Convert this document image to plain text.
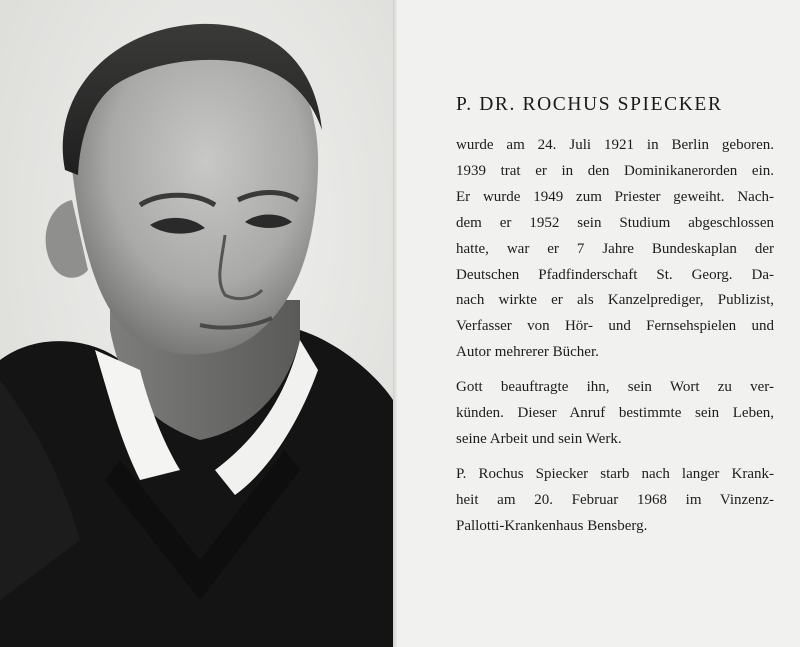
P. DR. ROCHUS SPIECKER

wurde am 24. Juli 1921 in Berlin geboren.
1939 trat er in den Dominikanerorden ein.
Er wurde 1949 zum Priester geweiht. Nach-
dem er 1952 sein Studium abgeschlossen
hatte, war er 7 Jahre Bundeskaplan der
Deutschen Pfadfinderschaft St. Georg. Da-
nach wirkte er als Kanzelprediger, Publizist,
Verfasser von Hör- und Fernsehspielen und
Autor mehrerer Bücher.

Gott beauftragte ihn, sein Wort zu ver-
künden. Dieser Anruf bestimmte sein Leben,
seine Arbeit und sein Werk.

P. Rochus Spiecker starb nach langer Krank-
heit am 20. Februar 1968 im Vinzenz-
Pallotti-Krankenhaus Bensberg.
